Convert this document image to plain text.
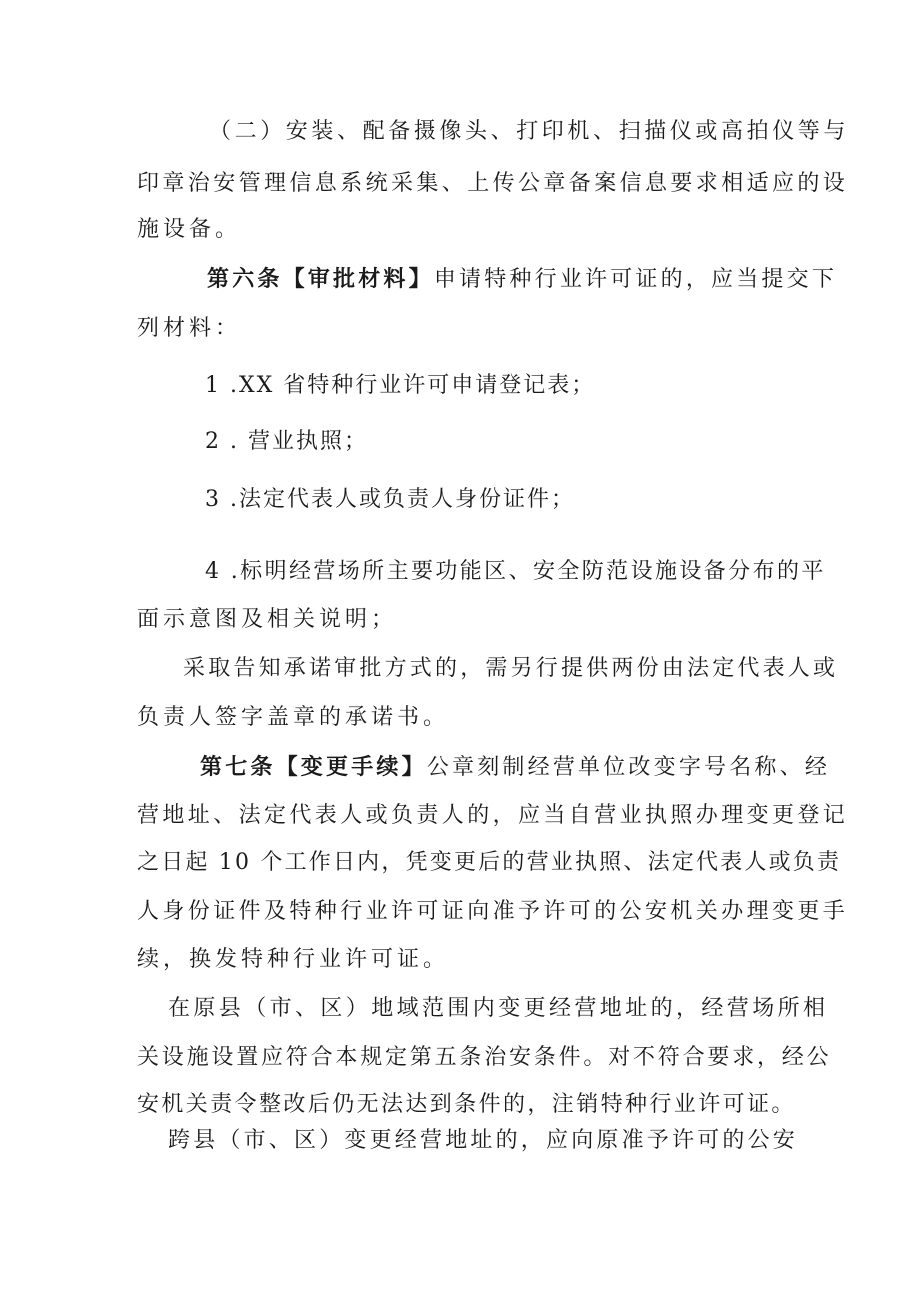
（二）安装、配备摄像头、打印机、扫描仪或高拍仪等与
印章治安管理信息系统采集、上传公章备案信息要求相适应的设
施设备。
第六条【审批材料】申请特种行业许可证的，应当提交下
列材料：
1 .XX 省特种行业许可申请登记表；
2 . 营业执照；
3 .法定代表人或负责人身份证件；
4 .标明经营场所主要功能区、安全防范设施设备分布的平
面示意图及相关说明；
采取告知承诺审批方式的，需另行提供两份由法定代表人或
负责人签字盖章的承诺书。
第七条【变更手续】公章刻制经营单位改变字号名称、经
营地址、法定代表人或负责人的，应当自营业执照办理变更登记
之日起 10 个工作日内，凭变更后的营业执照、法定代表人或负责
人身份证件及特种行业许可证向准予许可的公安机关办理变更手
续，换发特种行业许可证。
在原县（市、区）地域范围内变更经营地址的，经营场所相
关设施设置应符合本规定第五条治安条件。对不符合要求，经公
安机关责令整改后仍无法达到条件的，注销特种行业许可证。
跨县（市、区）变更经营地址的，应向原准予许可的公安
